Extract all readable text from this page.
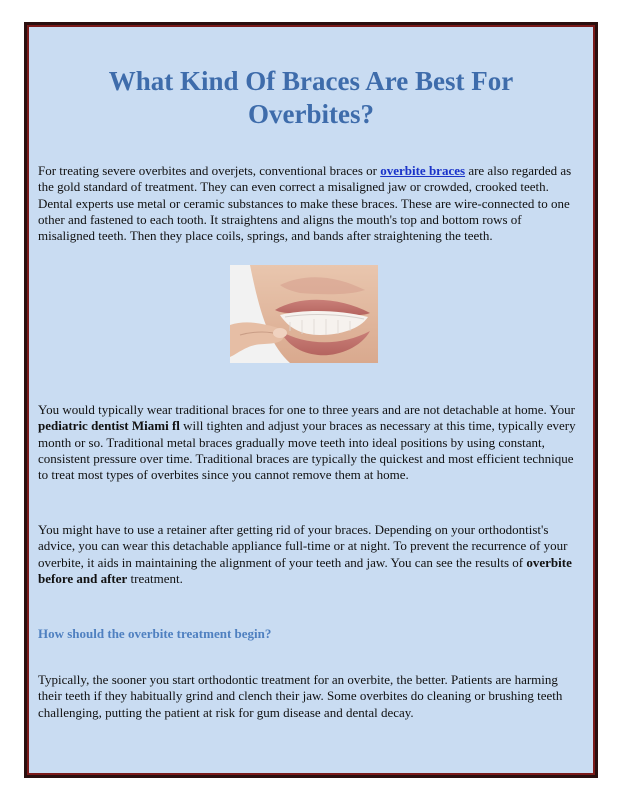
What Kind Of Braces Are Best For Overbites?

For treating severe overbites and overjets, conventional braces or overbite braces are also regarded as the gold standard of treatment. They can even correct a misaligned jaw or crowded, crooked teeth. Dental experts use metal or ceramic substances to make these braces. These are wire-connected to one other and fastened to each tooth. It straightens and aligns the mouth's top and bottom rows of misaligned teeth. Then they place coils, springs, and bands after straightening the teeth.

You would typically wear traditional braces for one to three years and are not detachable at home. Your pediatric dentist Miami fl will tighten and adjust your braces as necessary at this time, typically every month or so. Traditional metal braces gradually move teeth into ideal positions by using constant, consistent pressure over time. Traditional braces are typically the quickest and most efficient technique to treat most types of overbites since you cannot remove them at home.

You might have to use a retainer after getting rid of your braces. Depending on your orthodontist's advice, you can wear this detachable appliance full-time or at night. To prevent the recurrence of your overbite, it aids in maintaining the alignment of your teeth and jaw. You can see the results of overbite before and after treatment.

How should the overbite treatment begin?

Typically, the sooner you start orthodontic treatment for an overbite, the better. Patients are harming their teeth if they habitually grind and clench their jaw. Some overbites do cleaning or brushing teeth challenging, putting the patient at risk for gum disease and dental decay.
